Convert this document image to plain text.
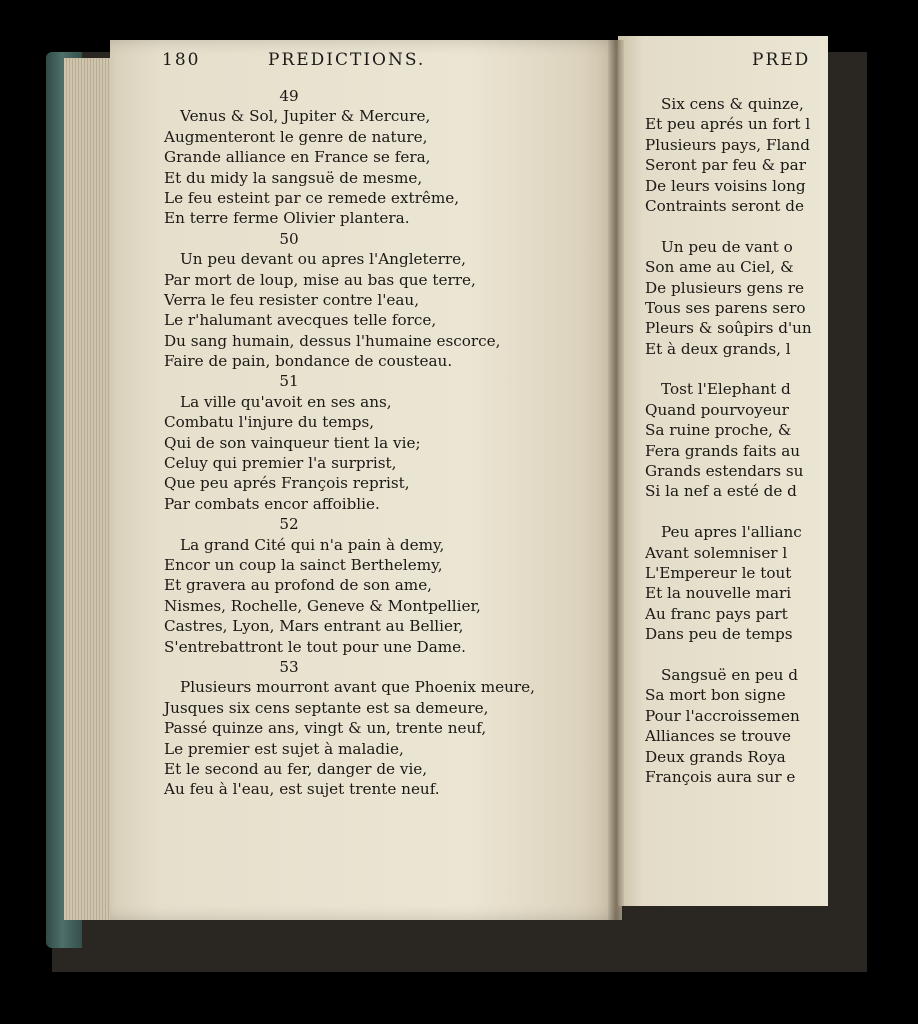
180	PREDICTIONS.	PRED
49
Venus & Sol, Jupiter & Mercure,
Augmenteront le genre de nature,
Grande alliance en France se fera,
Et du midy la sangsuë de mesme,
Le feu esteint par ce remede extrême,
En terre ferme Olivier plantera.
50
Un peu devant ou apres l'Angleterre,
Par mort de loup, mise au bas que terre,
Verra le feu resister contre l'eau,
Le r'halumant avecques telle force,
Du sang humain, dessus l'humaine escorce,
Faire de pain, bondance de cousteau.
51
La ville qu'avoit en ses ans,
Combatu l'injure du temps,
Qui de son vainqueur tient la vie;
Celuy qui premier l'a surprist,
Que peu aprés François reprist,
Par combats encor affoiblie.
52
La grand Cité qui n'a pain à demy,
Encor un coup la sainct Berthelemy,
Et gravera au profond de son ame,
Nismes, Rochelle, Geneve & Montpellier,
Castres, Lyon, Mars entrant au Bellier,
S'entrebattront le tout pour une Dame.
53
Plusieurs mourront avant que Phoenix meure,
Jusques six cens septante est sa demeure,
Passé quinze ans, vingt & un, trente neuf,
Le premier est sujet à maladie,
Et le second au fer, danger de vie,
Au feu à l'eau, est sujet trente neuf.
Six cens & quinze,
Et peu aprés un fort l
Plusieurs pays, Fland
Seront par feu & par
De leurs voisins long
Contraints seront de
Un peu de vant o
Son ame au Ciel, &
De plusieurs gens re
Tous ses parens sero
Pleurs & soûpirs d'un
Et à deux grands, l
Tost l'Elephant d
Quand pourvoyeur
Sa ruine proche, &
Fera grands faits au
Grands estendars su
Si la nef a esté de d
Peu apres l'allianc
Avant solemniser l
L'Empereur le tout
Et la nouvelle mari
Au franc pays part
Dans peu de temps
Sangsuë en peu d
Sa mort bon signe
Pour l'accroissemen
Alliances se trouve
Deux grands Roya
François aura sur e
